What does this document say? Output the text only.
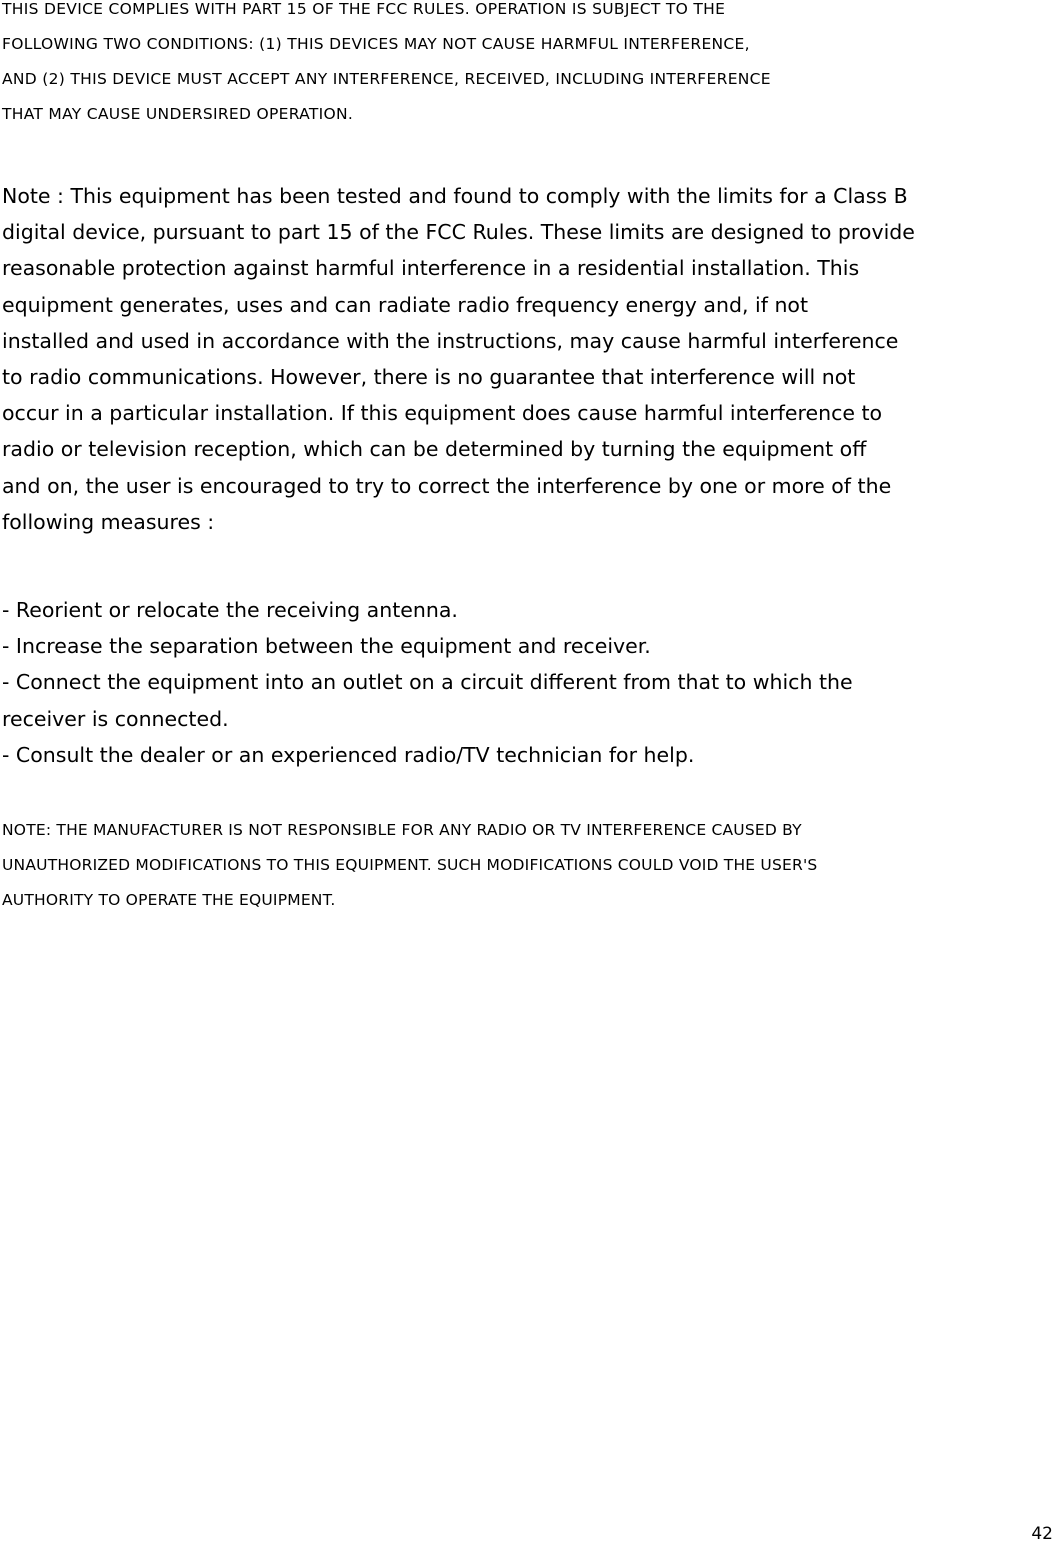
THIS DEVICE COMPLIES WITH PART 15 OF THE FCC RULES. OPERATION IS SUBJECT TO THE
FOLLOWING TWO CONDITIONS: (1) THIS DEVICES MAY NOT CAUSE HARMFUL INTERFERENCE,
AND (2) THIS DEVICE MUST ACCEPT ANY INTERFERENCE, RECEIVED, INCLUDING INTERFERENCE
THAT MAY CAUSE UNDERSIRED OPERATION.

Note : This equipment has been tested and found to comply with the limits for a Class B
digital device, pursuant to part 15 of the FCC Rules. These limits are designed to provide
reasonable protection against harmful interference in a residential installation. This
equipment generates, uses and can radiate radio frequency energy and, if not
installed and used in accordance with the instructions, may cause harmful interference
to radio communications. However, there is no guarantee that interference will not
occur in a particular installation. If this equipment does cause harmful interference to
radio or television reception, which can be determined by turning the equipment off
and on, the user is encouraged to try to correct the interference by one or more of the
following measures :

- Reorient or relocate the receiving antenna.
- Increase the separation between the equipment and receiver.
- Connect the equipment into an outlet on a circuit different from that to which the
receiver is connected.
- Consult the dealer or an experienced radio/TV technician for help.

NOTE: THE MANUFACTURER IS NOT RESPONSIBLE FOR ANY RADIO OR TV INTERFERENCE CAUSED BY
UNAUTHORIZED MODIFICATIONS TO THIS EQUIPMENT. SUCH MODIFICATIONS COULD VOID THE USER'S
AUTHORITY TO OPERATE THE EQUIPMENT.

42
